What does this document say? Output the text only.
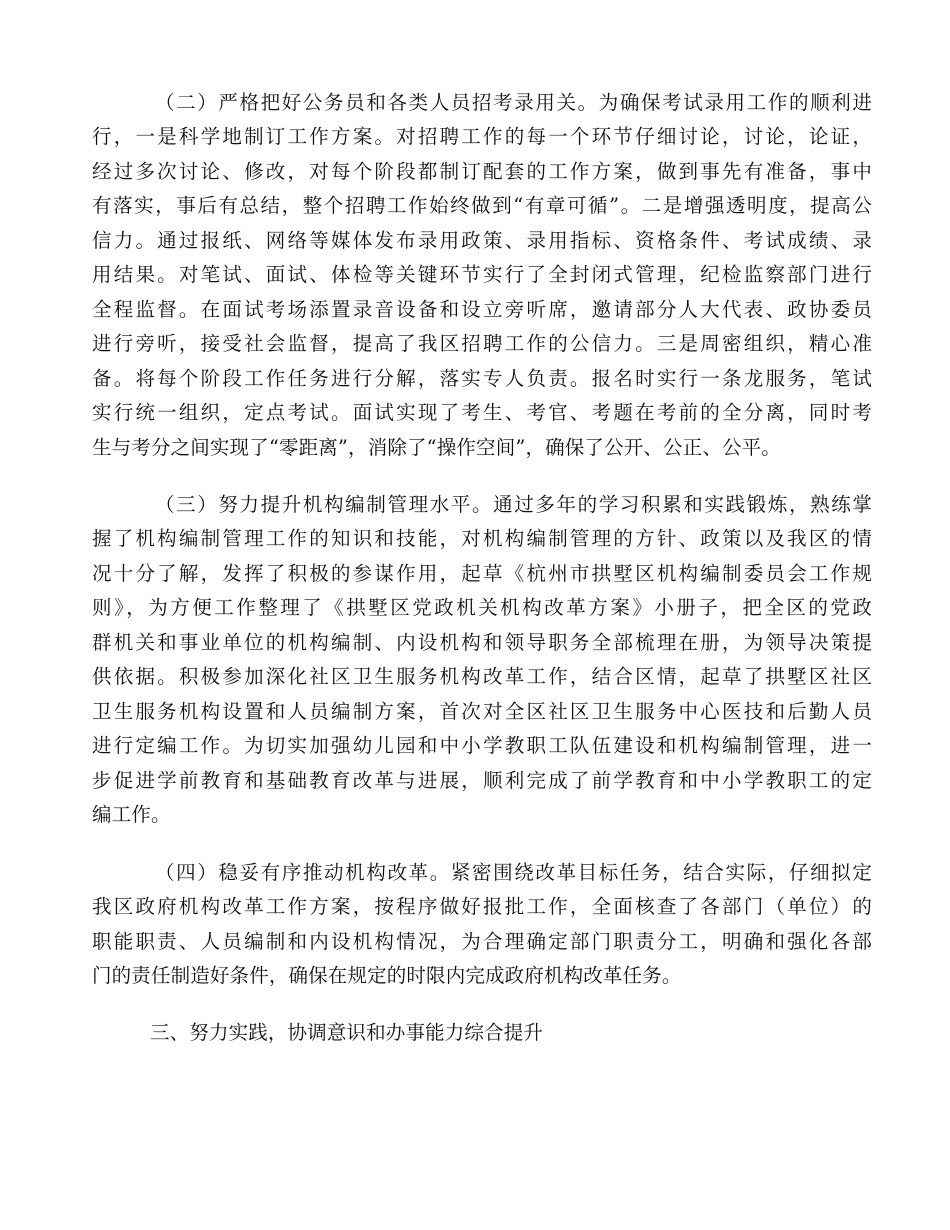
（二）严格把好公务员和各类人员招考录用关。为确保考试录用工作的顺利进

行，一是科学地制订工作方案。对招聘工作的每一个环节仔细讨论，讨论，论证，

经过多次讨论、修改，对每个阶段都制订配套的工作方案，做到事先有准备，事中

有落实，事后有总结，整个招聘工作始终做到“有章可循”。二是增强透明度，提高公

信力。通过报纸、网络等媒体发布录用政策、录用指标、资格条件、考试成绩、录

用结果。对笔试、面试、体检等关键环节实行了全封闭式管理，纪检监察部门进行

全程监督。在面试考场添置录音设备和设立旁听席，邀请部分人大代表、政协委员

进行旁听，接受社会监督，提高了我区招聘工作的公信力。三是周密组织，精心准

备。将每个阶段工作任务进行分解，落实专人负责。报名时实行一条龙服务，笔试

实行统一组织，定点考试。面试实现了考生、考官、考题在考前的全分离，同时考

生与考分之间实现了“零距离”，消除了“操作空间”，确保了公开、公正、公平。

（三）努力提升机构编制管理水平。通过多年的学习积累和实践锻炼，熟练掌

握了机构编制管理工作的知识和技能，对机构编制管理的方针、政策以及我区的情

况十分了解，发挥了积极的参谋作用，起草《杭州市拱墅区机构编制委员会工作规

则》，为方便工作整理了《拱墅区党政机关机构改革方案》小册子，把全区的党政

群机关和事业单位的机构编制、内设机构和领导职务全部梳理在册，为领导决策提

供依据。积极参加深化社区卫生服务机构改革工作，结合区情，起草了拱墅区社区

卫生服务机构设置和人员编制方案，首次对全区社区卫生服务中心医技和后勤人员

进行定编工作。为切实加强幼儿园和中小学教职工队伍建设和机构编制管理，进一

步促进学前教育和基础教育改革与进展，顺利完成了前学教育和中小学教职工的定

编工作。

（四）稳妥有序推动机构改革。紧密围绕改革目标任务，结合实际，仔细拟定

我区政府机构改革工作方案，按程序做好报批工作，全面核查了各部门（单位）的

职能职责、人员编制和内设机构情况，为合理确定部门职责分工，明确和强化各部

门的责任制造好条件，确保在规定的时限内完成政府机构改革任务。

三、努力实践，协调意识和办事能力综合提升
